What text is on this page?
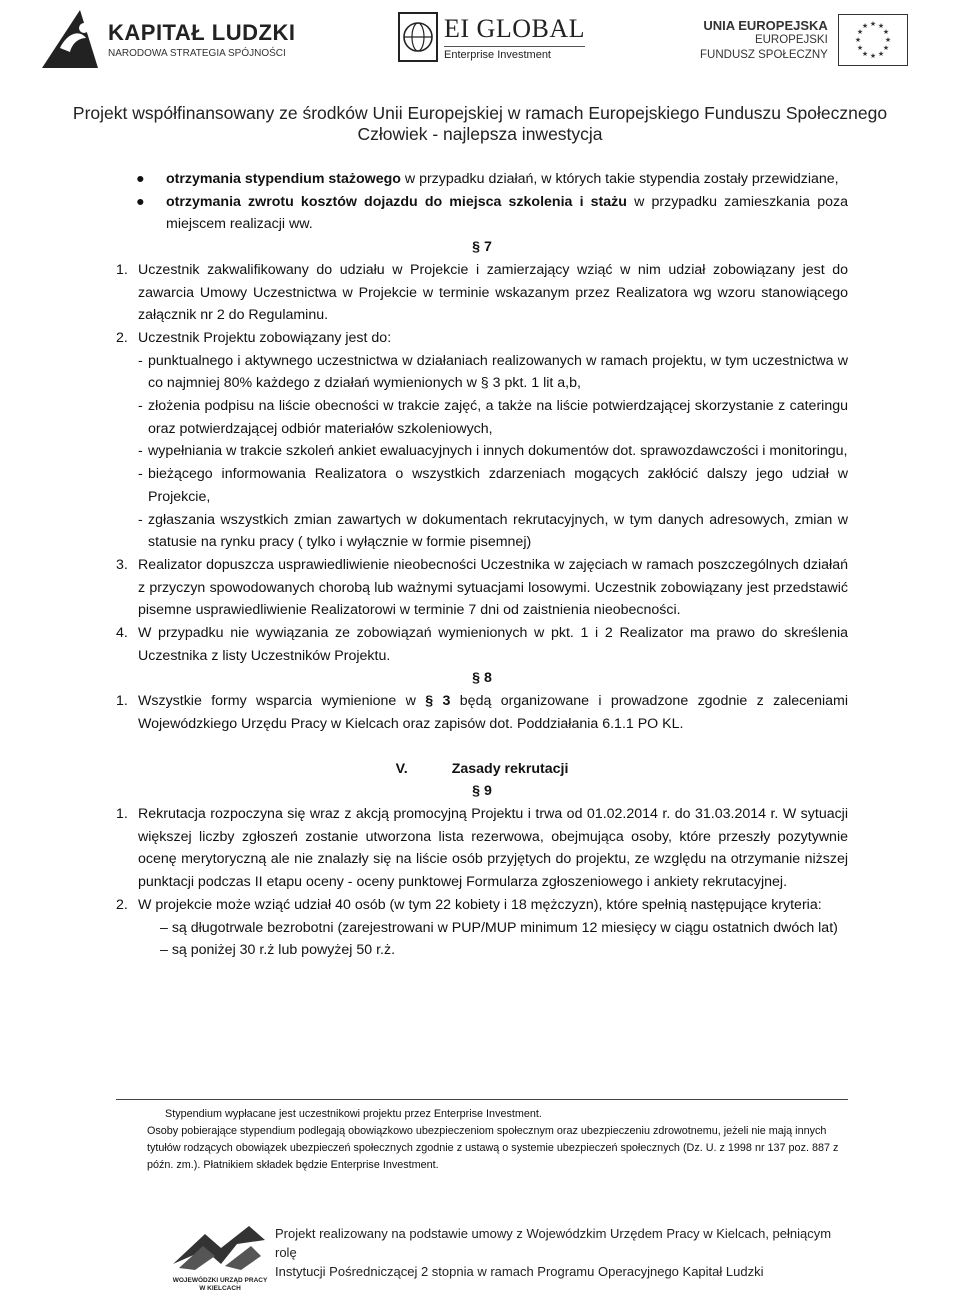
KAPITAŁ LUDZKI
NARODOWA STRATEGIA SPÓJNOŚCI
EI GLOBAL
Enterprise Investment
UNIA EUROPEJSKA
EUROPEJSKI
FUNDUSZ SPOŁECZNY
★ ★
★
★
★
★
★
★
★
★
★
★
Projekt współfinansowany ze środków Unii Europejskiej w ramach Europejskiego Funduszu Społecznego
Człowiek - najlepsza inwestycja
●	otrzymania stypendium stażowego w przypadku działań, w których takie stypendia zostały przewidziane,
●	otrzymania zwrotu kosztów dojazdu do miejsca szkolenia i stażu w przypadku zamieszkania poza miejscem realizacji ww.
§ 7
1. Uczestnik zakwalifikowany do udziału w Projekcie i zamierzający wziąć w nim udział zobowiązany jest do zawarcia Umowy Uczestnictwa w Projekcie w terminie wskazanym przez Realizatora wg wzoru stanowiącego załącznik nr 2 do Regulaminu.
2. Uczestnik Projektu zobowiązany jest do:
- punktualnego i aktywnego uczestnictwa w działaniach realizowanych w ramach projektu, w tym uczestnictwa w co najmniej 80% każdego z działań wymienionych w § 3 pkt. 1 lit a,b,
- złożenia podpisu na liście obecności w trakcie zajęć, a także na liście potwierdzającej skorzystanie z cateringu oraz potwierdzającej odbiór materiałów szkoleniowych,
- wypełniania w trakcie szkoleń ankiet ewaluacyjnych i innych dokumentów dot. sprawozdawczości i monitoringu,
- bieżącego informowania Realizatora o wszystkich zdarzeniach mogących zakłócić dalszy jego udział w Projekcie,
- zgłaszania wszystkich zmian zawartych w dokumentach rekrutacyjnych, w tym danych adresowych, zmian w statusie na rynku pracy ( tylko i wyłącznie w formie pisemnej)
3. Realizator dopuszcza usprawiedliwienie nieobecności Uczestnika w zajęciach w ramach poszczególnych działań z przyczyn spowodowanych chorobą lub ważnymi sytuacjami losowymi. Uczestnik zobowiązany jest przedstawić pisemne usprawiedliwienie Realizatorowi w terminie 7 dni od zaistnienia nieobecności.
4. W przypadku nie wywiązania ze zobowiązań wymienionych w pkt. 1 i 2 Realizator ma prawo do skreślenia Uczestnika z listy Uczestników Projektu.
§ 8
1. Wszystkie formy wsparcia wymienione w § 3 będą organizowane i prowadzone zgodnie z zaleceniami Wojewódzkiego Urzędu Pracy w Kielcach oraz zapisów dot. Poddziałania 6.1.1 PO KL.
V.	Zasady rekrutacji
§ 9
1. Rekrutacja rozpoczyna się wraz z akcją promocyjną Projektu i trwa od 01.02.2014 r. do 31.03.2014 r. W sytuacji większej liczby zgłoszeń zostanie utworzona lista rezerwowa, obejmująca osoby, które przeszły pozytywnie ocenę merytoryczną ale nie znalazły się na liście osób przyjętych do projektu, ze względu na otrzymanie niższej punktacji podczas II etapu oceny - oceny punktowej Formularza zgłoszeniowego i ankiety rekrutacyjnej.
2. W projekcie może wziąć udział 40 osób (w tym 22 kobiety i 18 mężczyzn), które spełnią następujące kryteria:
– są długotrwale bezrobotni (zarejestrowani w PUP/MUP minimum 12 miesięcy w ciągu ostatnich dwóch lat)
– są poniżej 30 r.ż lub powyżej 50 r.ż.
Stypendium wypłacane jest uczestnikowi projektu przez Enterprise Investment.
Osoby pobierające stypendium podlegają obowiązkowo ubezpieczeniom społecznym oraz ubezpieczeniu zdrowotnemu, jeżeli nie mają innych tytułów rodzących obowiązek ubezpieczeń społecznych zgodnie z ustawą o systemie ubezpieczeń społecznych (Dz. U. z 1998 nr 137 poz. 887 z późn. zm.). Płatnikiem składek będzie Enterprise Investment.
WOJEWÓDZKI URZĄD PRACY
W KIELCACH
Projekt realizowany na podstawie umowy z Wojewódzkim Urzędem Pracy w Kielcach, pełniącym rolę
Instytucji Pośredniczącej 2 stopnia w ramach Programu Operacyjnego Kapitał Ludzki
